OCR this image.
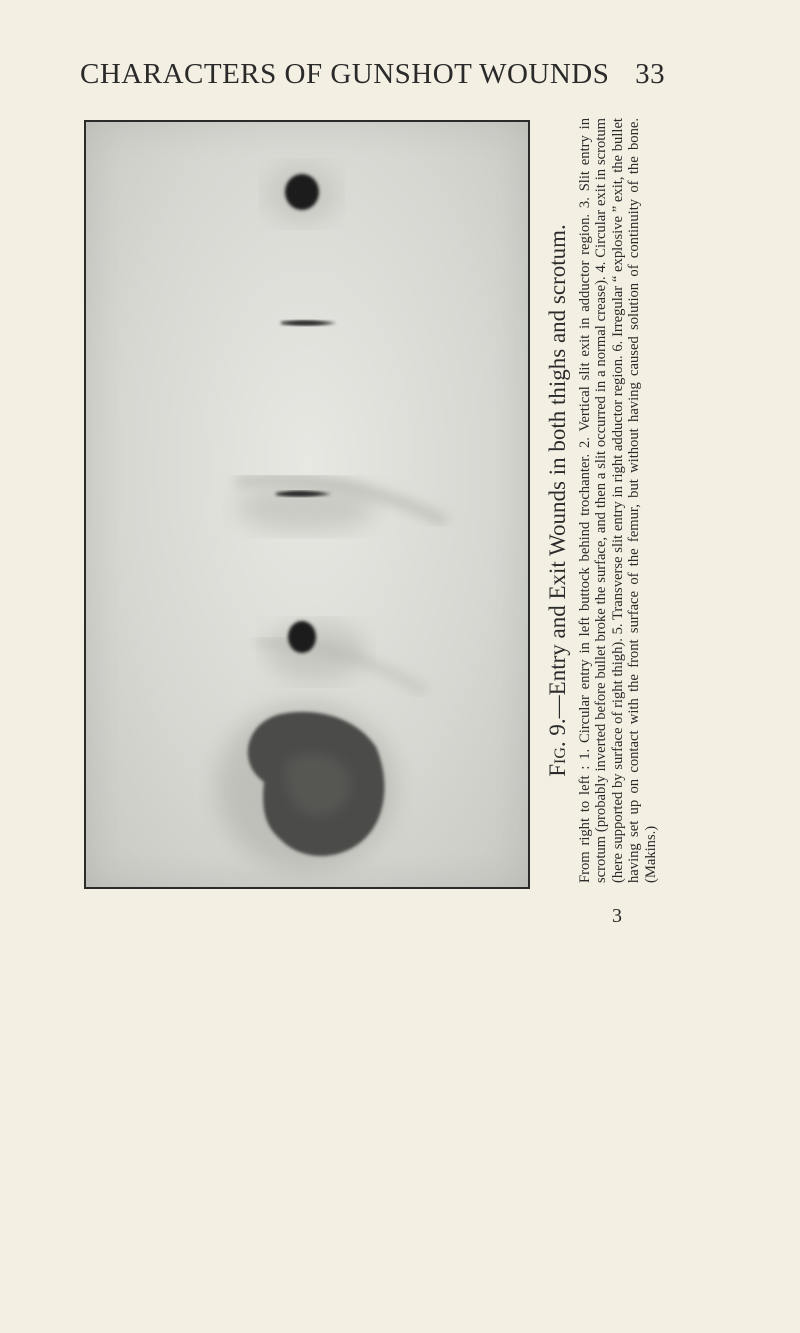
CHARACTERS OF GUNSHOT WOUNDS 33

Fig. 9.—Entry and Exit Wounds in both thighs and scrotum. From right to left : 1. Circular entry in left buttock behind trochanter. 2. Vertical slit exit in adductor region. 3. Slit entry in scrotum (probably inverted before bullet broke the surface, and then a slit occurred in a normal crease). 4. Circular exit in scrotum (here supported by surface of right thigh). 5. Transverse slit entry in right adductor region. 6. Irregular “ explosive ” exit, the bullet having set up on contact with the front surface of the femur, but without having caused solution of continuity of the bone. (Makins.)

3
